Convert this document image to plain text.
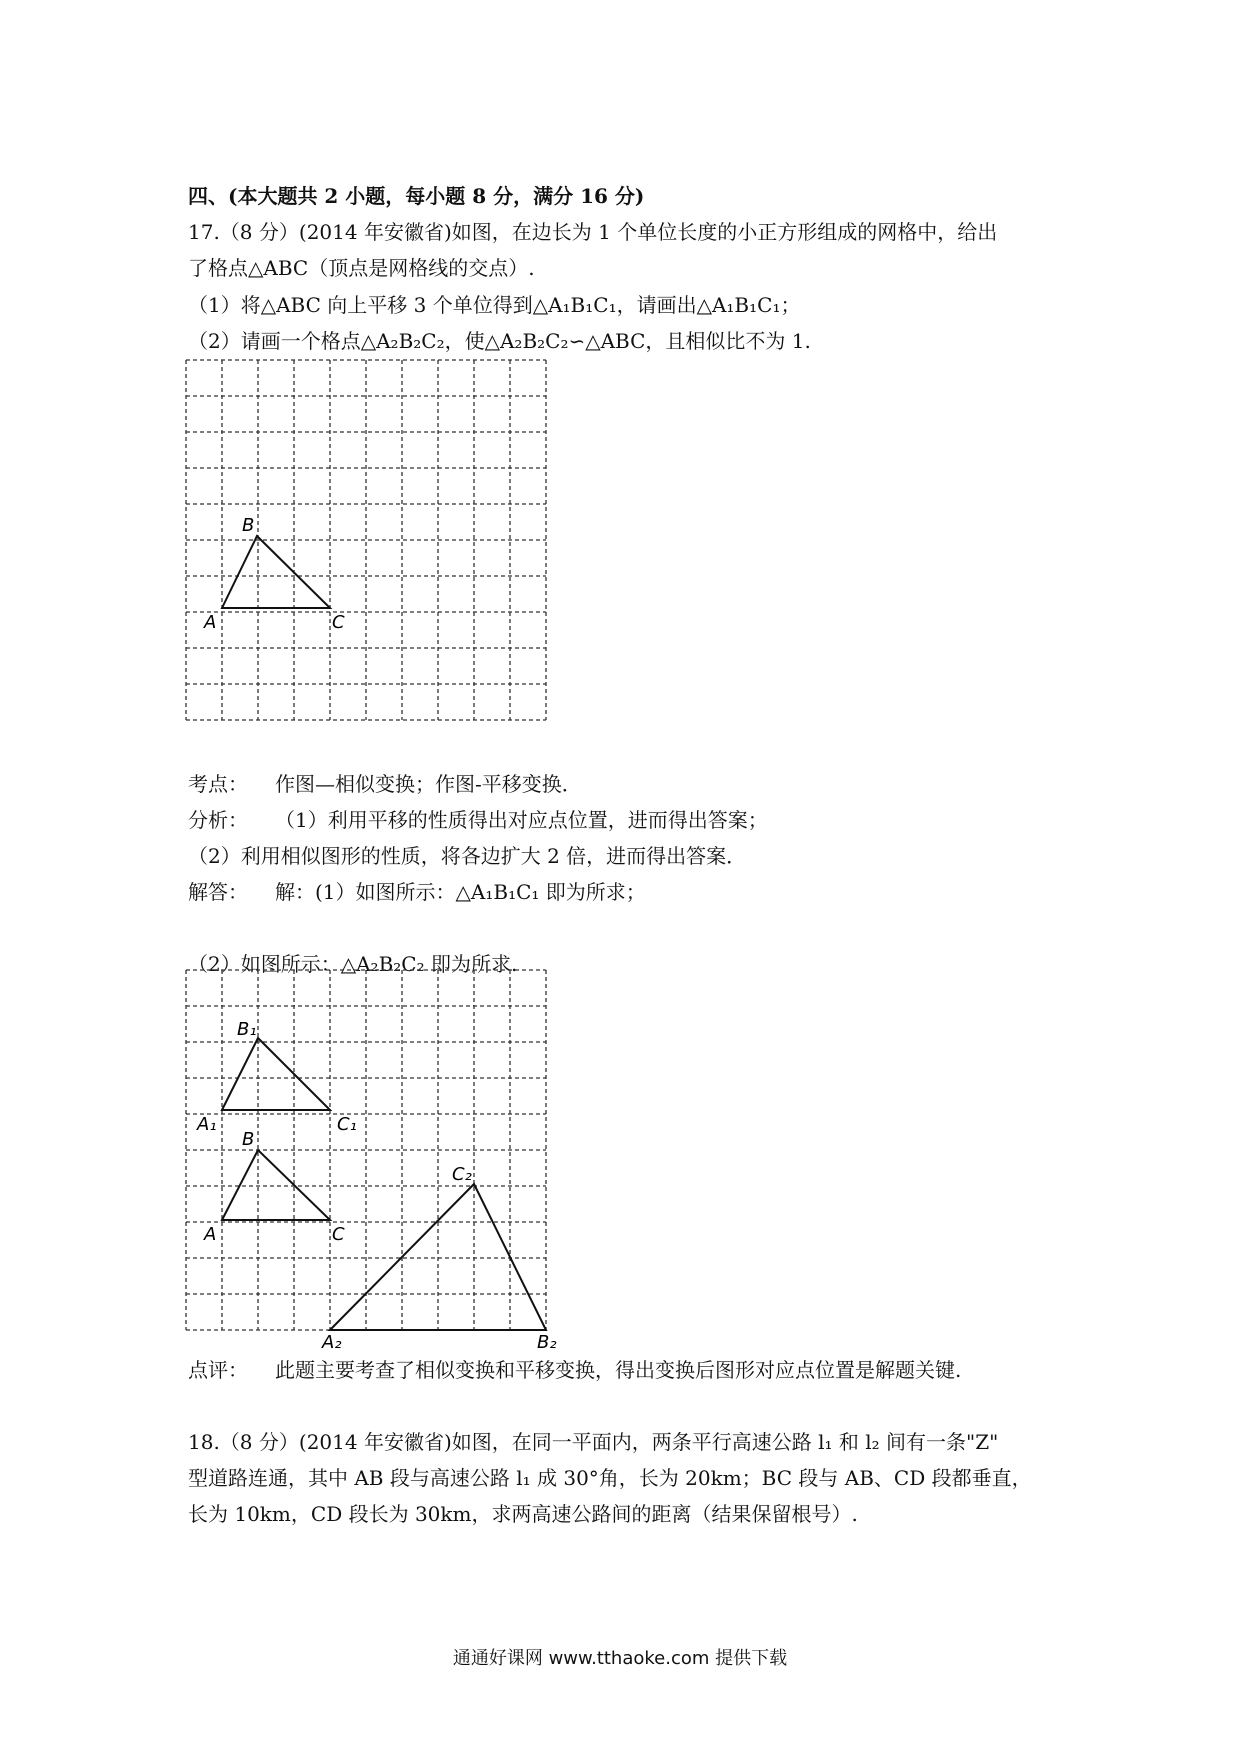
四、(本大题共 2 小题，每小题 8 分，满分 16 分)
17.（8 分）(2014 年安徽省)如图，在边长为 1 个单位长度的小正方形组成的网格中，给出
了格点△ABC（顶点是网格线的交点）.
（1）将△ABC 向上平移 3 个单位得到△A₁B₁C₁，请画出△A₁B₁C₁；
（2）请画一个格点△A₂B₂C₂，使△A₂B₂C₂∽△ABC，且相似比不为 1.
B
A	C
考点： 作图—相似变换；作图-平移变换．
分析： （1）利用平移的性质得出对应点位置，进而得出答案；
（2）利用相似图形的性质，将各边扩大 2 倍，进而得出答案．
解答： 解：(1）如图所示：△A₁B₁C₁ 即为所求；
（2）如图所示：△A₂B₂C₂ 即为所求.
B₁
A₁	C₁
B
A	C
C₂
A₂	B₂
点评： 此题主要考查了相似变换和平移变换，得出变换后图形对应点位置是解题关键.
18.（8 分）(2014 年安徽省)如图，在同一平面内，两条平行高速公路 l₁ 和 l₂ 间有一条"Z"
型道路连通，其中 AB 段与高速公路 l₁ 成 30°角，长为 20km；BC 段与 AB、CD 段都垂直，
长为 10km，CD 段长为 30km，求两高速公路间的距离（结果保留根号）.
通通好课网 www.tthaoke.com 提供下载
